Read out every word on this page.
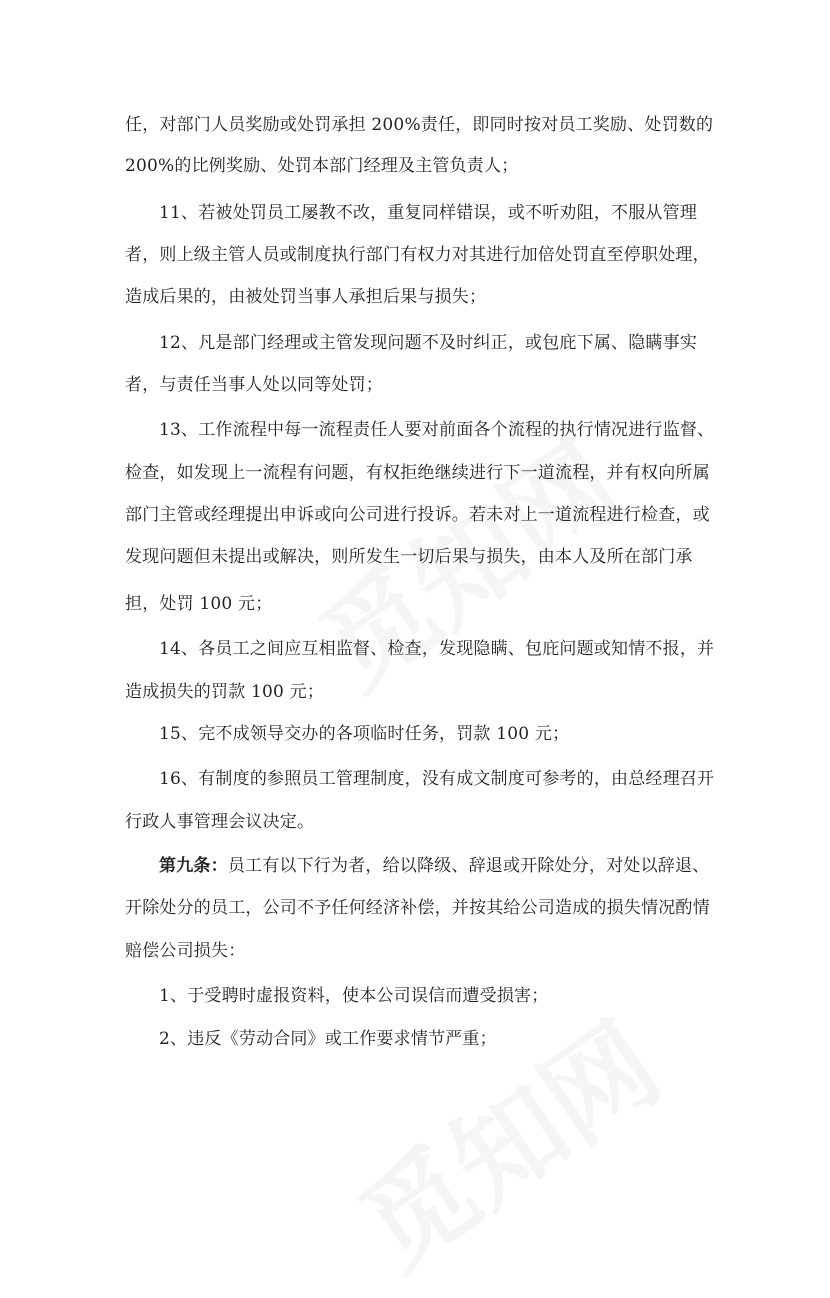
任，对部门人员奖励或处罚承担 200%责任，即同时按对员工奖励、处罚数的
200%的比例奖励、处罚本部门经理及主管负责人；
11、若被处罚员工屡教不改，重复同样错误，或不听劝阻，不服从管理
者，则上级主管人员或制度执行部门有权力对其进行加倍处罚直至停职处理，
造成后果的，由被处罚当事人承担后果与损失；
12、凡是部门经理或主管发现问题不及时纠正，或包庇下属、隐瞒事实
者，与责任当事人处以同等处罚；
13、工作流程中每一流程责任人要对前面各个流程的执行情况进行监督、
检查，如发现上一流程有问题，有权拒绝继续进行下一道流程，并有权向所属
部门主管或经理提出申诉或向公司进行投诉。若未对上一道流程进行检查，或
发现问题但未提出或解决，则所发生一切后果与损失，由本人及所在部门承
担，处罚 100 元；
14、各员工之间应互相监督、检查，发现隐瞒、包庇问题或知情不报，并
造成损失的罚款 100 元；
15、完不成领导交办的各项临时任务，罚款 100 元；
16、有制度的参照员工管理制度，没有成文制度可参考的，由总经理召开
行政人事管理会议决定。
第九条：员工有以下行为者，给以降级、辞退或开除处分，对处以辞退、
开除处分的员工，公司不予任何经济补偿，并按其给公司造成的损失情况酌情
赔偿公司损失：
1、于受聘时虚报资料，使本公司误信而遭受损害；
2、违反《劳动合同》或工作要求情节严重；
